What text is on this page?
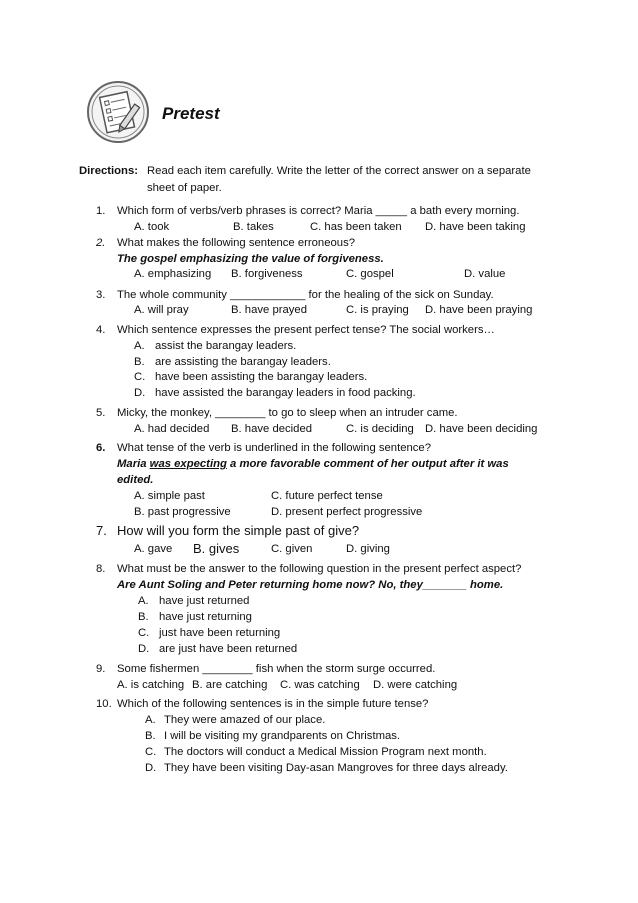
Pretest
Directions: Read each item carefully. Write the letter of the correct answer on a separate
sheet of paper.
1. Which form of verbs/verb phrases is correct? Maria _____ a bath every morning.
A. took	B. takes	C. has been taken D. have been taking
2. What makes the following sentence erroneous?
The gospel emphasizing the value of forgiveness.
A. emphasizing B. forgiveness	C. gospel	D. value
3. The whole community ____________ for the healing of the sick on Sunday.
A. will pray	B. have prayed	C. is praying D. have been praying
4. Which sentence expresses the present perfect tense? The social workers…
A. assist the barangay leaders.
B. are assisting the barangay leaders.
C. have been assisting the barangay leaders.
D. have assisted the barangay leaders in food packing.
5. Micky, the monkey, ________ to go to sleep when an intruder came.
A. had decided B. have decided	C. is deciding D. have been deciding
6. What tense of the verb is underlined in the following sentence?
Maria was expecting a more favorable comment of her output after it was
edited.
A. simple past	C. future perfect tense
B. past progressive	D. present perfect progressive
7. How will you form the simple past of give?
A. gave B. gives	C. given	D. giving
8. What must be the answer to the following question in the present perfect aspect?
Are Aunt Soling and Peter returning home now? No, they_______ home.
A. have just returned
B. have just returning
C. just have been returning
D. are just have been returned
9. Some fishermen ________ fish when the storm surge occurred.
A. is catching B. are catching C. was catching D. were catching
10. Which of the following sentences is in the simple future tense?
A. They were amazed of our place.
B. I will be visiting my grandparents on Christmas.
C. The doctors will conduct a Medical Mission Program next month.
D. They have been visiting Day-asan Mangroves for three days already.
